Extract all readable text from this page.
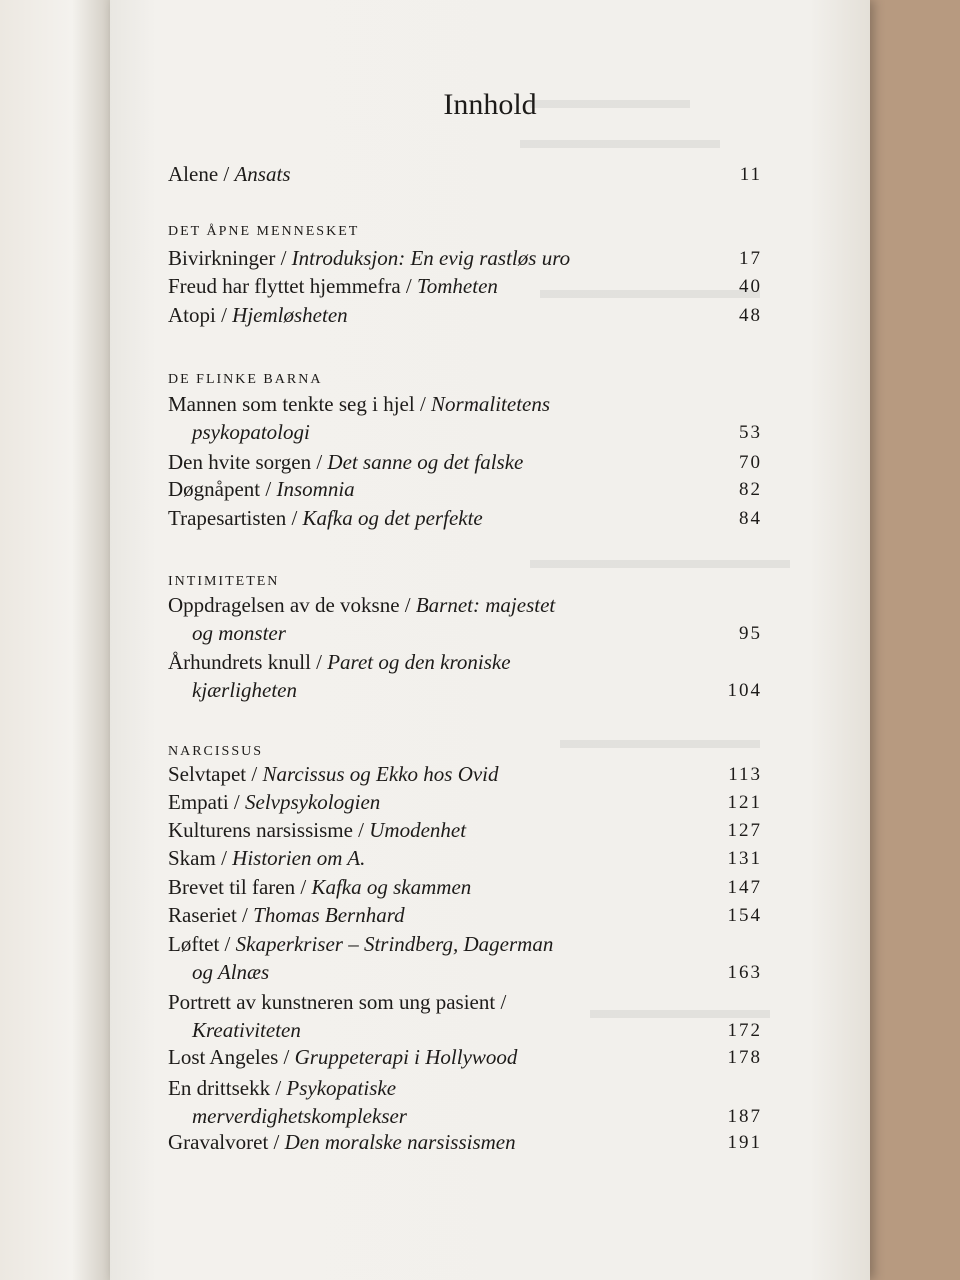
Innhold
Alene / Ansats	11
DET ÅPNE MENNESKET
Bivirkninger / Introduksjon: En evig rastløs uro	17
Freud har flyttet hjemmefra / Tomheten	40
Atopi / Hjemløsheten	48
DE FLINKE BARNA
Mannen som tenkte seg i hjel / Normalitetens
psykopatologi	53
Den hvite sorgen / Det sanne og det falske	70
Døgnåpent / Insomnia	82
Trapesartisten / Kafka og det perfekte	84
INTIMITETEN
Oppdragelsen av de voksne / Barnet: majestet
og monster	95
Århundrets knull / Paret og den kroniske
kjærligheten	104
NARCISSUS
Selvtapet / Narcissus og Ekko hos Ovid	113
Empati / Selvpsykologien	121
Kulturens narsissisme / Umodenhet	127
Skam / Historien om A.	131
Brevet til faren / Kafka og skammen	147
Raseriet / Thomas Bernhard	154
Løftet / Skaperkriser – Strindberg, Dagerman
og Alnæs	163
Portrett av kunstneren som ung pasient /
Kreativiteten	172
Lost Angeles / Gruppeterapi i Hollywood	178
En drittsekk / Psykopatiske
merverdighetskomplekser	187
Gravalvoret / Den moralske narsissismen	191
